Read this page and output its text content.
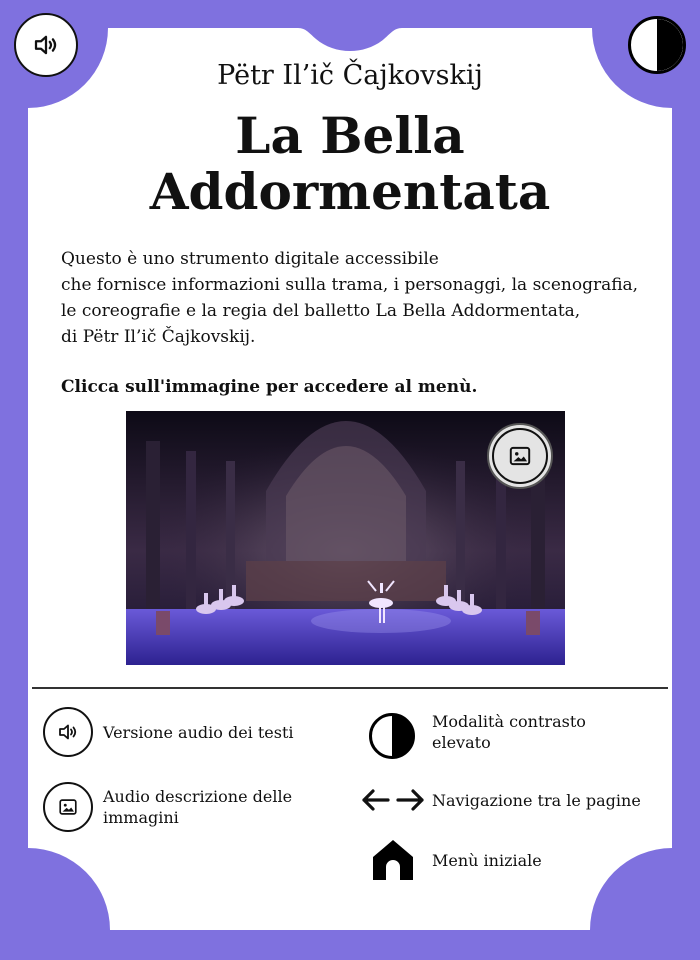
Pëtr Il’ič Čajkovskij
La Bella
Addormentata
Questo è uno strumento digitale accessibile
che fornisce informazioni sulla trama, i personaggi, la scenografia,
le coreografie e la regia del balletto La Bella Addormentata,
di Pëtr Il’ič Čajkovskij.
Clicca sull'immagine per accedere al menù.
Versione audio dei testi
Audio descrizione delle
immagini
Modalità contrasto
elevato
Navigazione tra le pagine
Menù iniziale
